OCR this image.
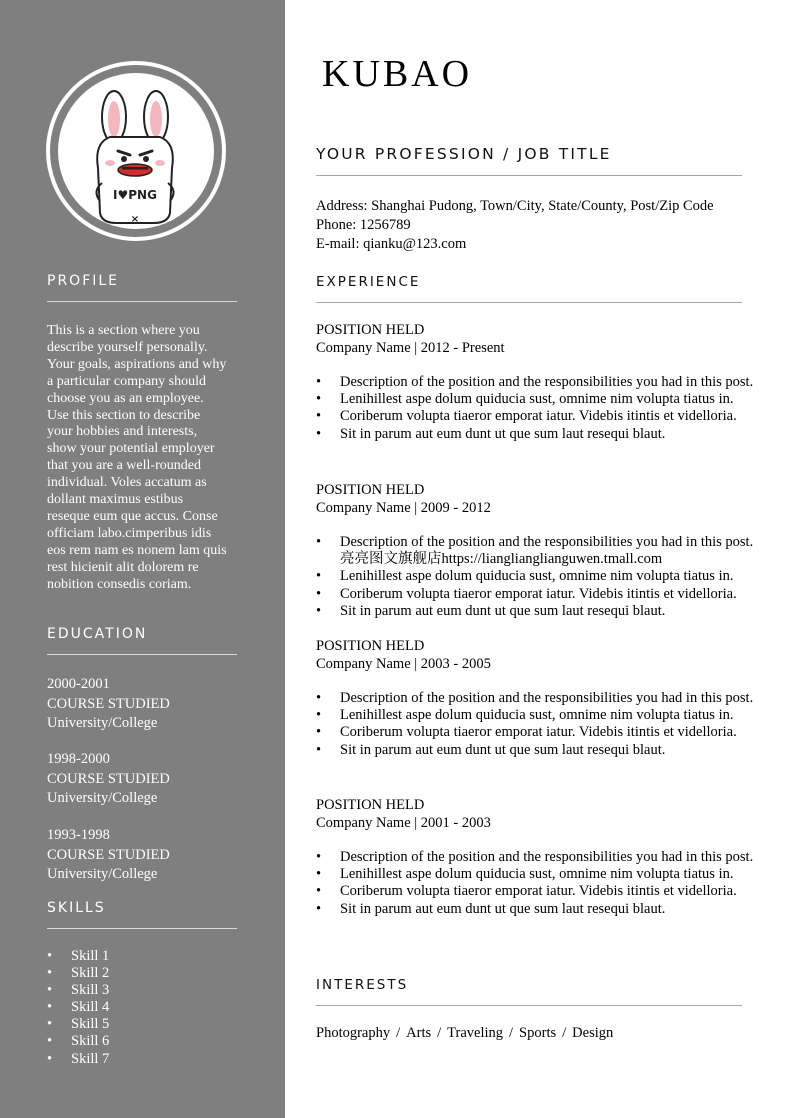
I♥PNG
×
PROFILE
This is a section where you
describe yourself personally.
Your goals, aspirations and why
a particular company should
choose you as an employee.
Use this section to describe
your hobbies and interests,
show your potential employer
that you are a well-rounded
individual. Voles accatum as
dollant maximus estibus
reseque eum que accus. Conse
officiam labo.cimperibus idis
eos rem nam es nonem lam quis
rest hicienit alit dolorem re
nobition consedis coriam.
EDUCATION
2000-2001
COURSE STUDIED
University/College
1998-2000
COURSE STUDIED
University/College
1993-1998
COURSE STUDIED
University/College
SKILLS
• Skill 1
• Skill 2
• Skill 3
• Skill 4
• Skill 5
• Skill 6
• Skill 7
KUBAO
YOUR PROFESSION / JOB TITLE
Address: Shanghai Pudong, Town/City, State/County, Post/Zip Code
Phone: 1256789
E-mail: qianku@123.com
EXPERIENCE
POSITION HELD
Company Name | 2012 - Present
• Description of the position and the responsibilities you had in this post.
• Lenihillest aspe dolum quiducia sust, omnime nim volupta tiatus in.
• Coriberum volupta tiaeror emporat iatur. Videbis itintis et videlloria.
• Sit in parum aut eum dunt ut que sum laut resequi blaut.
POSITION HELD
Company Name | 2009 - 2012
• Description of the position and the responsibilities you had in this post. 亮亮图文旗舰店https://lianglianglianguwen.tmall.com
• Lenihillest aspe dolum quiducia sust, omnime nim volupta tiatus in.
• Coriberum volupta tiaeror emporat iatur. Videbis itintis et videlloria.
• Sit in parum aut eum dunt ut que sum laut resequi blaut.
POSITION HELD
Company Name | 2003 - 2005
• Description of the position and the responsibilities you had in this post.
• Lenihillest aspe dolum quiducia sust, omnime nim volupta tiatus in.
• Coriberum volupta tiaeror emporat iatur. Videbis itintis et videlloria.
• Sit in parum aut eum dunt ut que sum laut resequi blaut.
POSITION HELD
Company Name | 2001 - 2003
• Description of the position and the responsibilities you had in this post.
• Lenihillest aspe dolum quiducia sust, omnime nim volupta tiatus in.
• Coriberum volupta tiaeror emporat iatur. Videbis itintis et videlloria.
• Sit in parum aut eum dunt ut que sum laut resequi blaut.
INTERESTS
Photography / Arts / Traveling / Sports / Design
